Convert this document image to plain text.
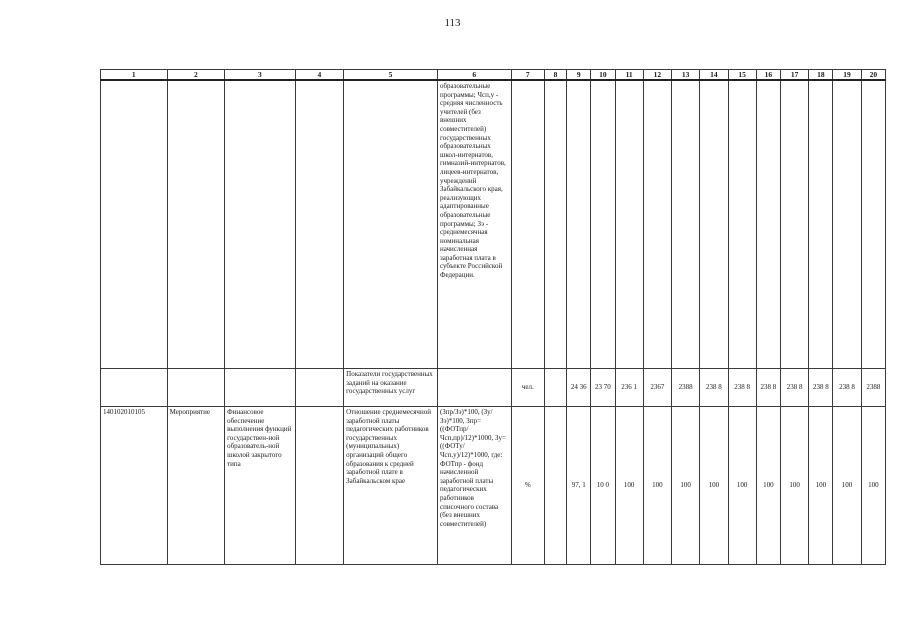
113
1	2	3	4	5	6	7	8	9	10	11	12	13	14	15	16	17	18	19	20
					образовательные программы; Чсп,у - средняя численность учителей (без внешних совместителей) государственных образовательных школ-интернатов, гимназий-интернатов, лицеев-интернатов, учреждений Забайкальского края, реализующих адаптированные образовательные программы; Зэ - среднемесячная номинальная начисленная заработная плата в субъекте Российской Федерации.														
				Показатели государственных заданий на оказание государственных услуг		чел.		24 36	23 70	236 1	2367	2388	238 8	238 8	238 8	238 8	238 8	238 8	2388
140102010105	Мероприятие	Финансовое обеспечение выполнения функций государствен-ной образователь-ной школой закрытого типа		Отношение среднемесячной заработной платы педагогических работников государственных (муниципальных) организаций общего образования к средней заработной плате в Забайкальском крае	(Зпр/Зэ)*100, (Зу/Зэ)*100, Зпр=((ФОТпр/Чсп,пр)/12)*1000, Зу=((ФОТу/Чсп,у)/12)*1000, где: ФОТпр - фонд начисленной заработной платы педагогических работников списочного состава (без внешних совместителей)	%		97, 1	10 0	100	100	100	100	100	100	100	100	100	100
